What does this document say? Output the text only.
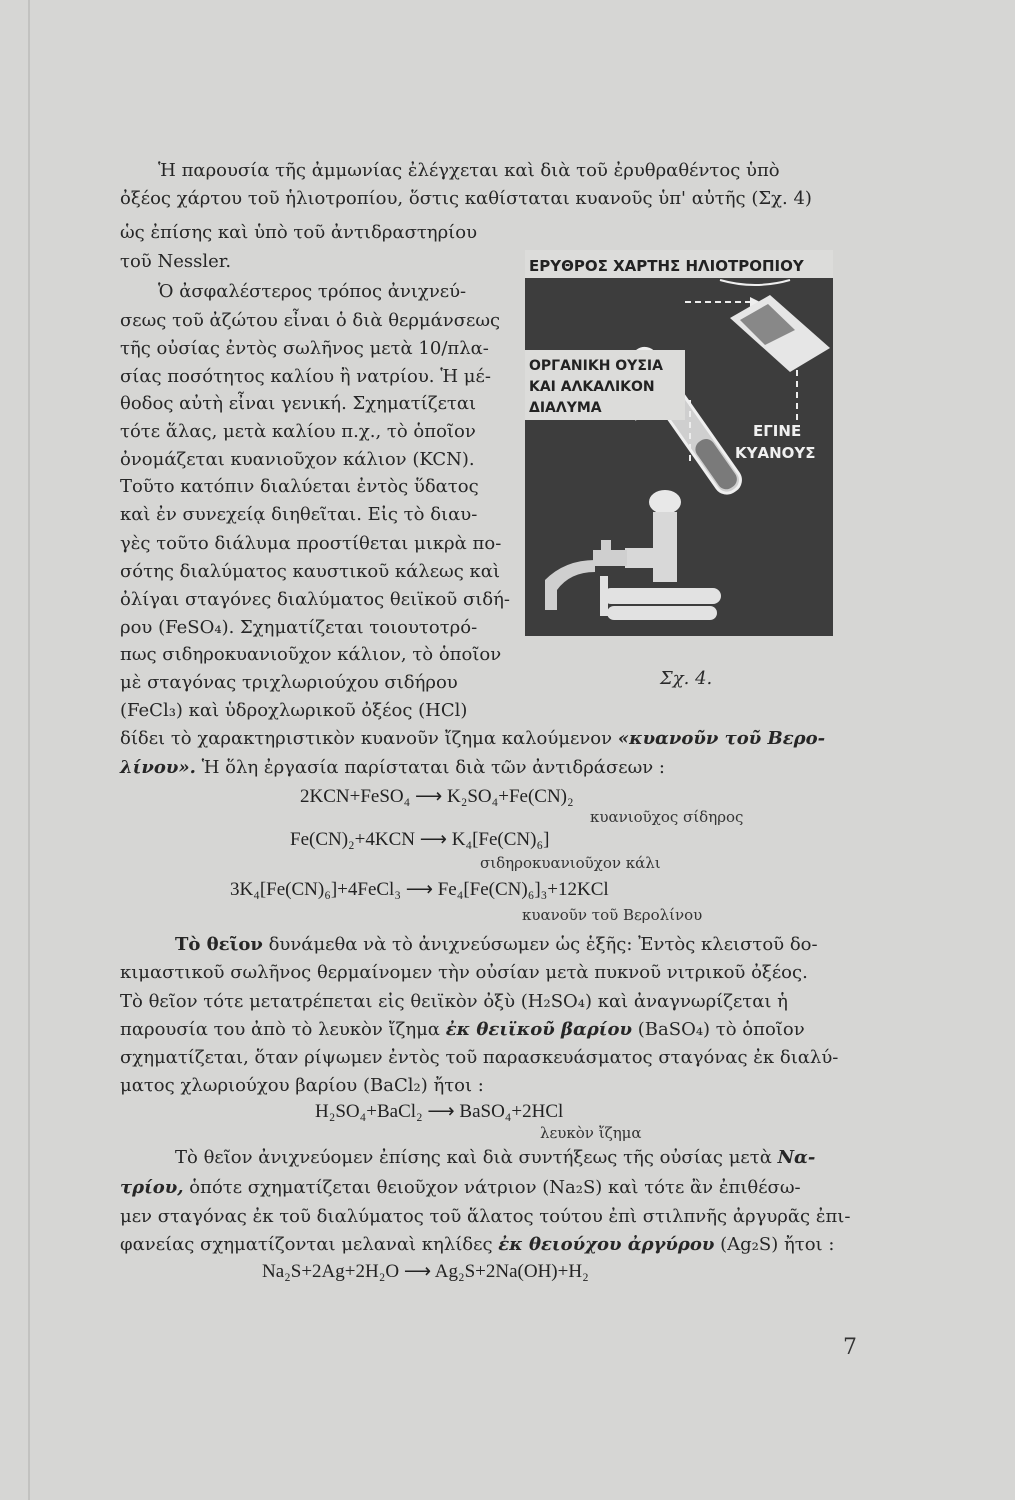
Ἡ παρουσία τῆς ἀμμωνίας ἐλέγχεται καὶ διὰ τοῦ ἐρυθραθέντος ὑπὸ
ὀξέος χάρτου τοῦ ἡλιοτροπίου, ὅστις καθίσταται κυανοῦς ὑπ' αὐτῆς (Σχ. 4)
ὡς ἐπίσης καὶ ὑπὸ τοῦ ἀντιδραστηρίου
τοῦ Nessler.
Ὁ ἀσφαλέστερος τρόπος ἀνιχνεύ-
σεως τοῦ ἀζώτου εἶναι ὁ διὰ θερμάνσεως
τῆς οὐσίας ἐντὸς σωλῆνος μετὰ 10/πλα-
σίας ποσότητος καλίου ἢ νατρίου. Ἡ μέ-
θοδος αὐτὴ εἶναι γενική. Σχηματίζεται
τότε ἅλας, μετὰ καλίου π.χ., τὸ ὁποῖον
ὀνομάζεται κυανιοῦχον κάλιον (KCN).
Τοῦτο κατόπιν διαλύεται ἐντὸς ὕδατος
καὶ ἐν συνεχείᾳ διηθεῖται. Εἰς τὸ διαυ-
γὲς τοῦτο διάλυμα προστίθεται μικρὰ πο-
σότης διαλύματος καυστικοῦ κάλεως καὶ
ὀλίγαι σταγόνες διαλύματος θειϊκοῦ σιδή-
ρου (FeSO₄). Σχηματίζεται τοιουτοτρό-
πως σιδηροκυανιοῦχον κάλιον, τὸ ὁποῖον
μὲ σταγόνας τριχλωριούχου σιδήρου
(FeCl₃) καὶ ὑδροχλωρικοῦ ὀξέος (HCl)
δίδει τὸ χαρακτηριστικὸν κυανοῦν ἴζημα καλούμενον «κυανοῦν τοῦ Βερο-
λίνου». Ἡ ὅλη ἐργασία παρίσταται διὰ τῶν ἀντιδράσεων :
ΕΡΥΘΡΟΣ ΧΑΡΤΗΣ ΗΛΙΟΤΡΟΠΙΟΥ
ΟΡΓΑΝΙΚΗ ΟΥΣΙΑ
ΚΑΙ ΑΛΚΑΛΙΚΟΝ
ΔΙΑΛΥΜΑ
ΕΓΙΝΕ
ΚΥΑΝΟΥΣ
Σχ. 4.
2KCN+FeSO₄ ⟶ K₂SO₄+Fe(CN)₂
κυανιοῦχος σίδηρος
Fe(CN)₂+4KCN ⟶ K₄[Fe(CN)₆]
σιδηροκυανιοῦχον κάλι
3K₄[Fe(CN)₆]+4FeCl₃ ⟶ Fe₄[Fe(CN)₆]₃+12KCl
κυανοῦν τοῦ Βερολίνου
Τὸ θεῖον δυνάμεθα νὰ τὸ ἀνιχνεύσωμεν ὡς ἑξῆς: Ἐντὸς κλειστοῦ δο-
κιμαστικοῦ σωλῆνος θερμαίνομεν τὴν οὐσίαν μετὰ πυκνοῦ νιτρικοῦ ὀξέος.
Τὸ θεῖον τότε μετατρέπεται εἰς θειϊκὸν ὀξὺ (H₂SO₄) καὶ ἀναγνωρίζεται ἡ
παρουσία του ἀπὸ τὸ λευκὸν ἴζημα ἐκ θειϊκοῦ βαρίου (BaSO₄) τὸ ὁποῖον
σχηματίζεται, ὅταν ρίψωμεν ἐντὸς τοῦ παρασκευάσματος σταγόνας ἐκ διαλύ-
ματος χλωριούχου βαρίου (BaCl₂) ἤτοι :
H₂SO₄+BaCl₂ ⟶ BaSO₄+2HCl
λευκὸν ἴζημα
Τὸ θεῖον ἀνιχνεύομεν ἐπίσης καὶ διὰ συντήξεως τῆς οὐσίας μετὰ Να-
τρίου, ὁπότε σχηματίζεται θειοῦχον νάτριον (Na₂S) καὶ τότε ἂν ἐπιθέσω-
μεν σταγόνας ἐκ τοῦ διαλύματος τοῦ ἅλατος τούτου ἐπὶ στιλπνῆς ἀργυρᾶς ἐπι-
φανείας σχηματίζονται μελαναὶ κηλίδες ἐκ θειούχου ἀργύρου (Ag₂S) ἤτοι :
Na₂S+2Ag+2H₂O ⟶ Ag₂S+2Na(OH)+H₂
7
